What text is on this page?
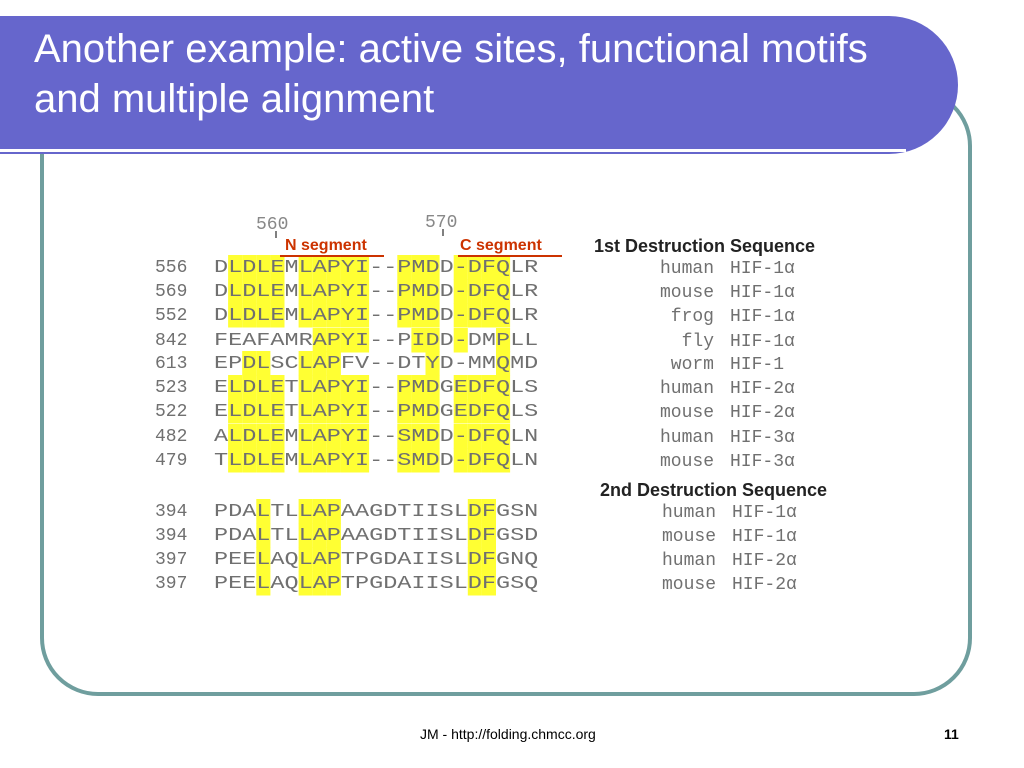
Another example: active sites, functional motifs and multiple alignment
560	570
N segment	C segment	1st Destruction Sequence
2nd Destruction Sequence
556 DLDLEMLAPYI--PMDD-DFQLR	human HIF-1α
569 DLDLEMLAPYI--PMDD-DFQLR	mouse HIF-1α
552 DLDLEMLAPYI--PMDD-DFQLR	frog HIF-1α
842 FEAFAMRAPYI--PIDD-DMPLL	fly HIF-1α
613 EPDLSCLAPFV--DTYD-MMQMD	worm HIF-1
523 ELDLETLAPYI--PMDGEDFQLS	human HIF-2α
522 ELDLETLAPYI--PMDGEDFQLS	mouse HIF-2α
482 ALDLEMLAPYI--SMDD-DFQLN	human HIF-3α
479 TLDLEMLAPYI--SMDD-DFQLN	mouse HIF-3α
394 PDALTLLAPAAGDTIISLDFGSN	human HIF-1α
394 PDALTLLAPAAGDTIISLDFGSD	mouse HIF-1α
397 PEELAQLAPTPGDAIISLDFGNQ	human HIF-2α
397 PEELAQLAPTPGDAIISLDFGSQ	mouse HIF-2α
JM - http://folding.chmcc.org	11
